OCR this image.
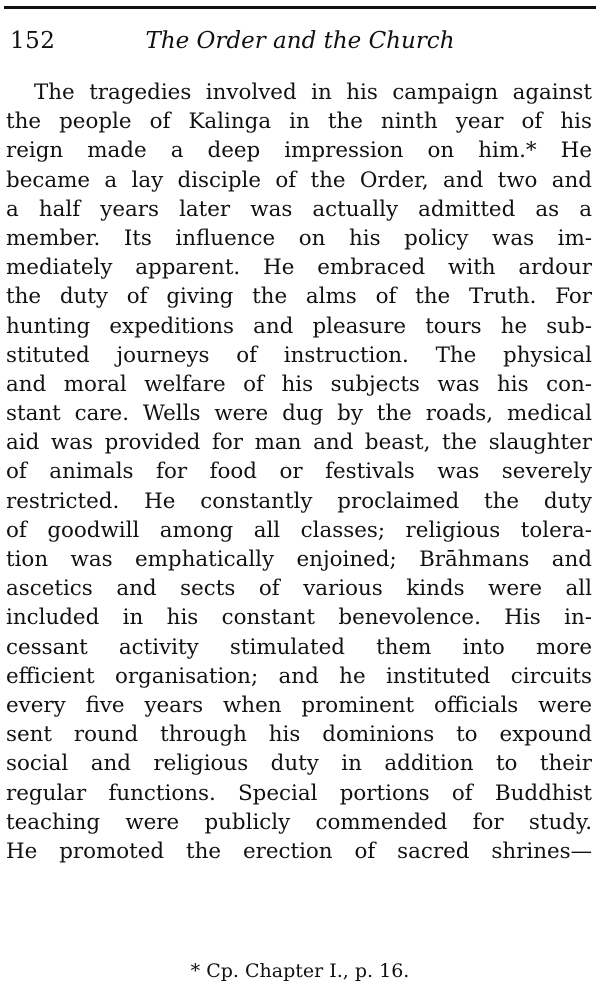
152	The Order and the Church
The tragedies involved in his campaign against
the people of Kalinga in the ninth year of his
reign made a deep impression on him.* He
became a lay disciple of the Order, and two and
a half years later was actually admitted as a
member. Its influence on his policy was im-
mediately apparent. He embraced with ardour
the duty of giving the alms of the Truth. For
hunting expeditions and pleasure tours he sub-
stituted journeys of instruction. The physical
and moral welfare of his subjects was his con-
stant care. Wells were dug by the roads, medical
aid was provided for man and beast, the slaughter
of animals for food or festivals was severely
restricted. He constantly proclaimed the duty
of goodwill among all classes; religious tolera-
tion was emphatically enjoined; Brāhmans and
ascetics and sects of various kinds were all
included in his constant benevolence. His in-
cessant activity stimulated them into more
efficient organisation; and he instituted circuits
every five years when prominent officials were
sent round through his dominions to expound
social and religious duty in addition to their
regular functions. Special portions of Buddhist
teaching were publicly commended for study.
He promoted the erection of sacred shrines—
* Cp. Chapter I., p. 16.
